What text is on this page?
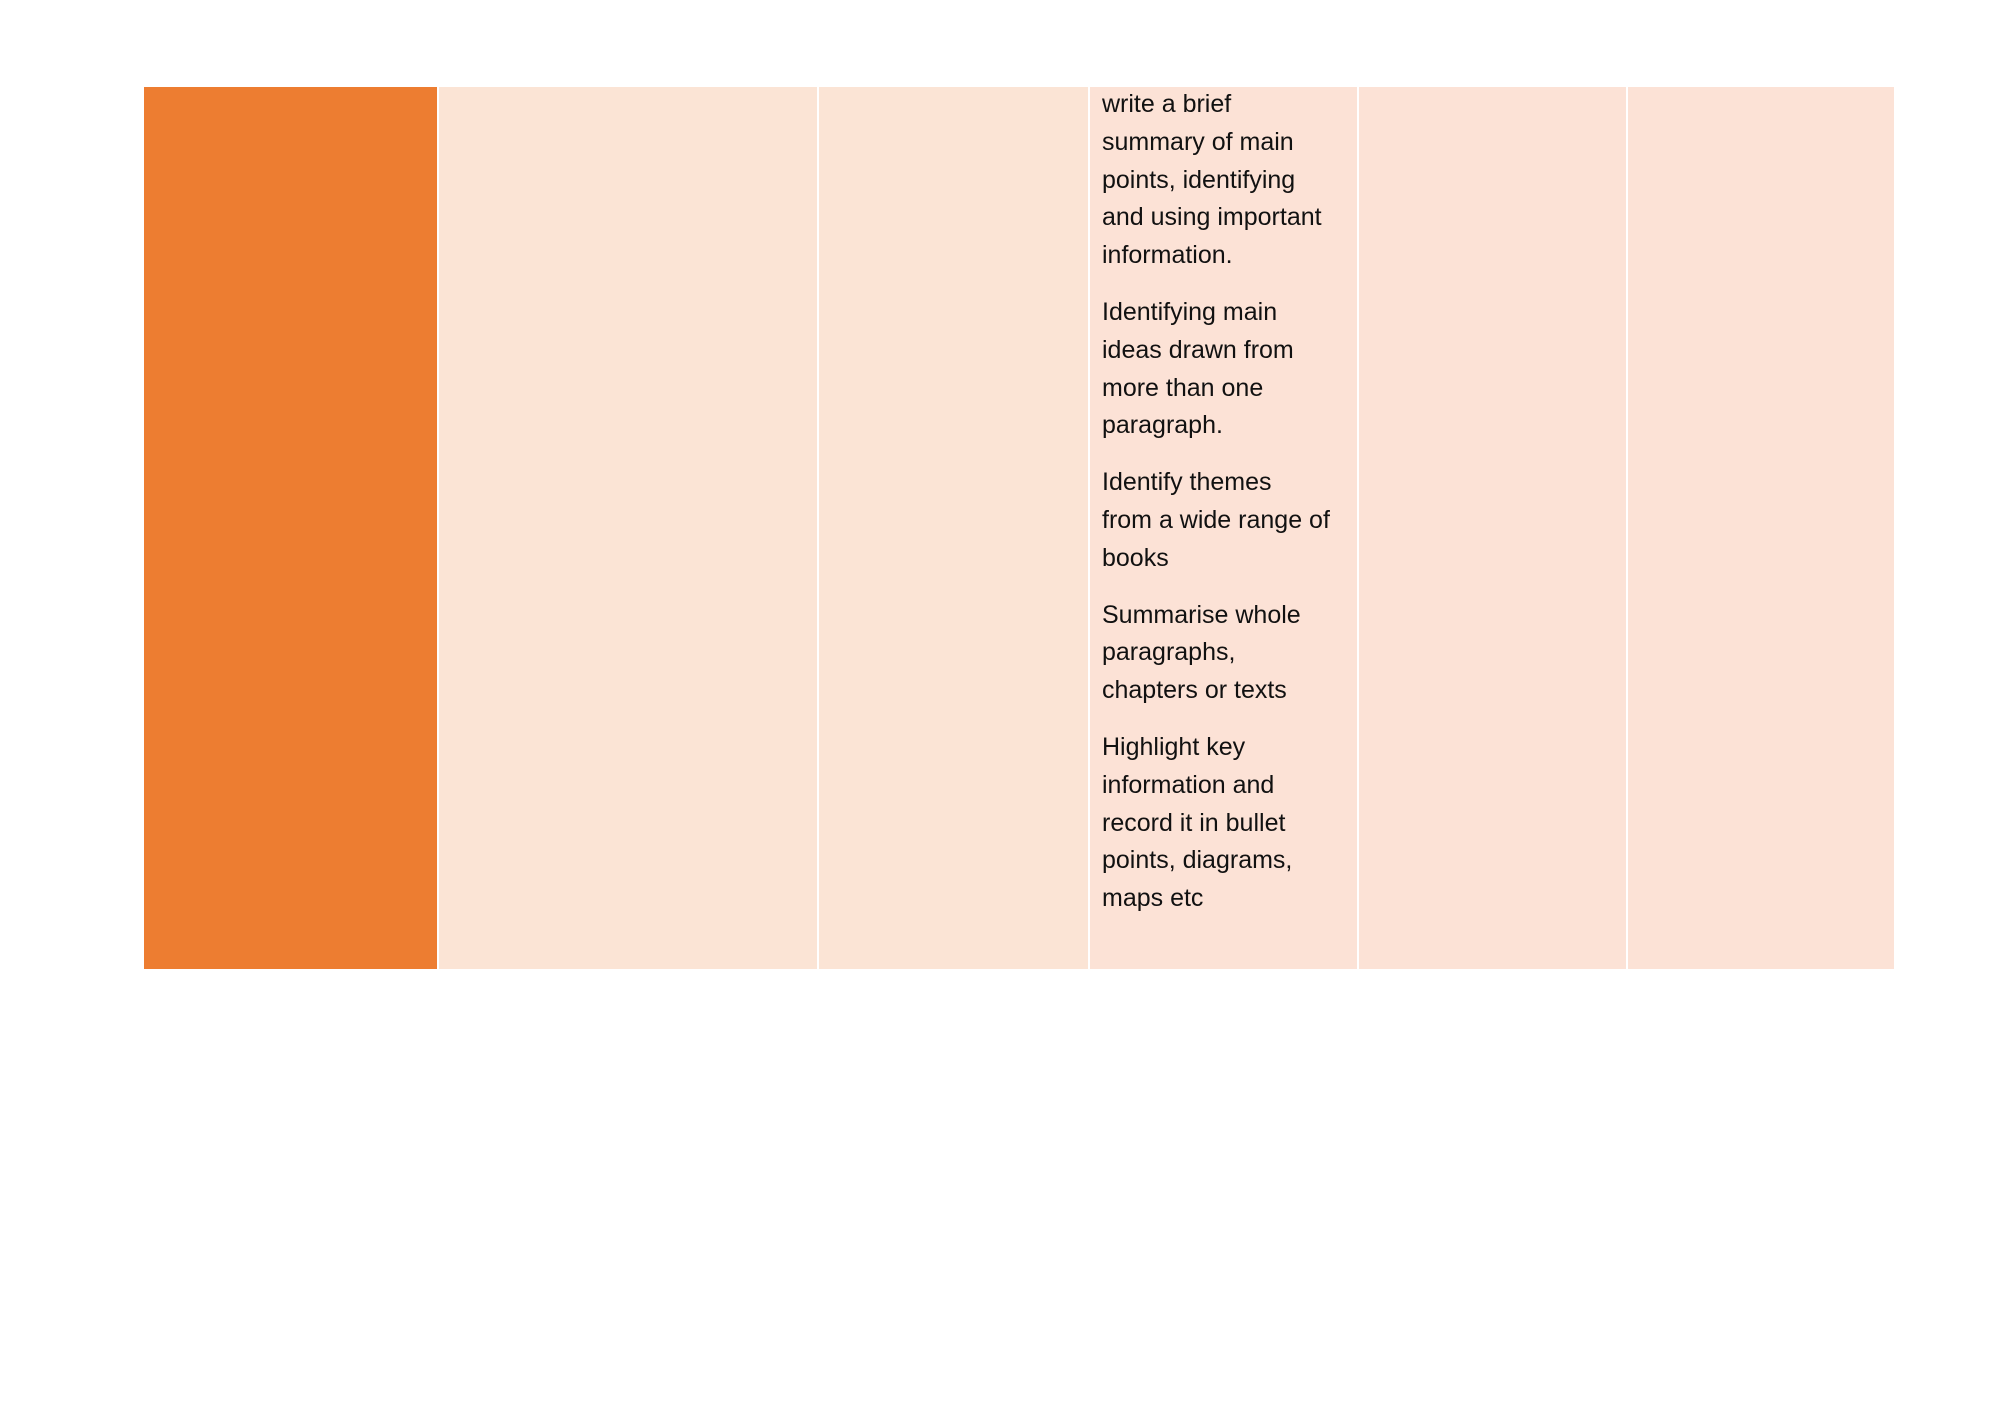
write a brief
summary of main
points, identifying
and using important
information.

Identifying main
ideas drawn from
more than one
paragraph.

Identify themes
from a wide range of
books

Summarise whole
paragraphs,
chapters or texts

Highlight key
information and
record it in bullet
points, diagrams,
maps etc
